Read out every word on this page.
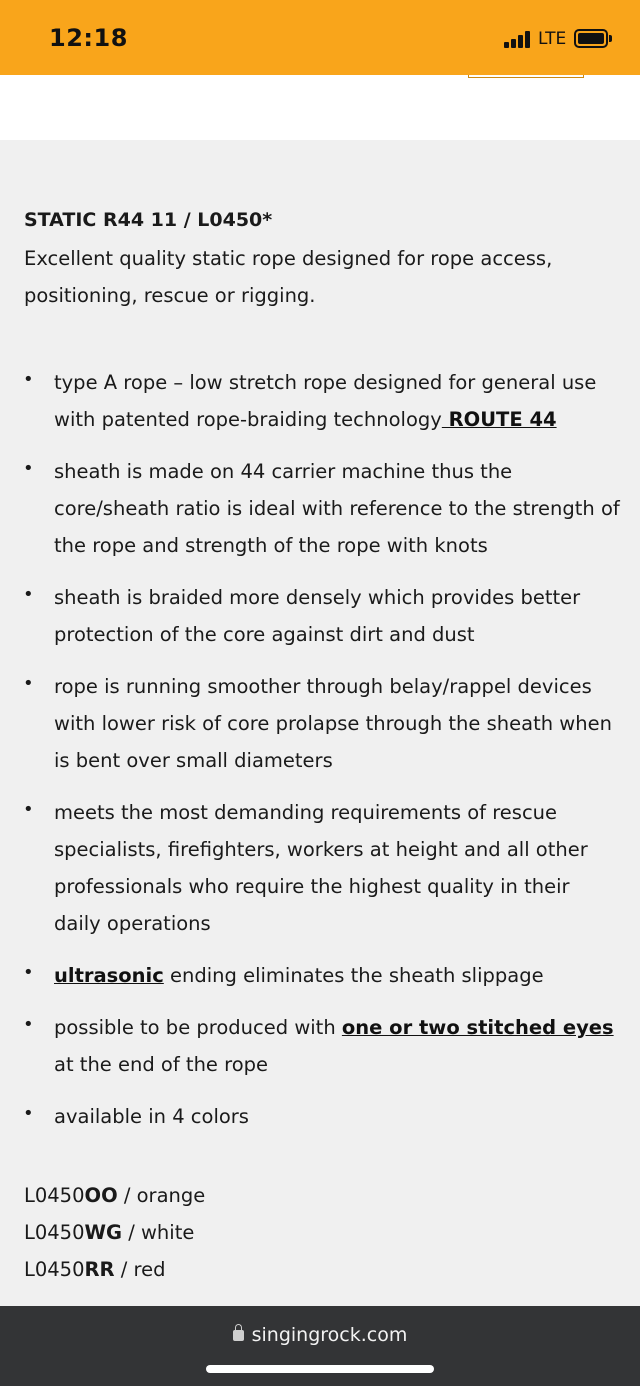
12:18	LTE
STATIC R44 11 / L0450*
Excellent quality static rope designed for rope access, positioning, rescue or rigging.
• type A rope – low stretch rope designed for general use with patented rope-braiding technology ROUTE 44
• sheath is made on 44 carrier machine thus the core/sheath ratio is ideal with reference to the strength of the rope and strength of the rope with knots
• sheath is braided more densely which provides better protection of the core against dirt and dust
• rope is running smoother through belay/rappel devices with lower risk of core prolapse through the sheath when is bent over small diameters
• meets the most demanding requirements of rescue specialists, firefighters, workers at height and all other professionals who require the highest quality in their daily operations
• ultrasonic ending eliminates the sheath slippage
• possible to be produced with one or two stitched eyes at the end of the rope
• available in 4 colors
L0450OO / orange
L0450WG / white
L0450RR / red
singingrock.com
